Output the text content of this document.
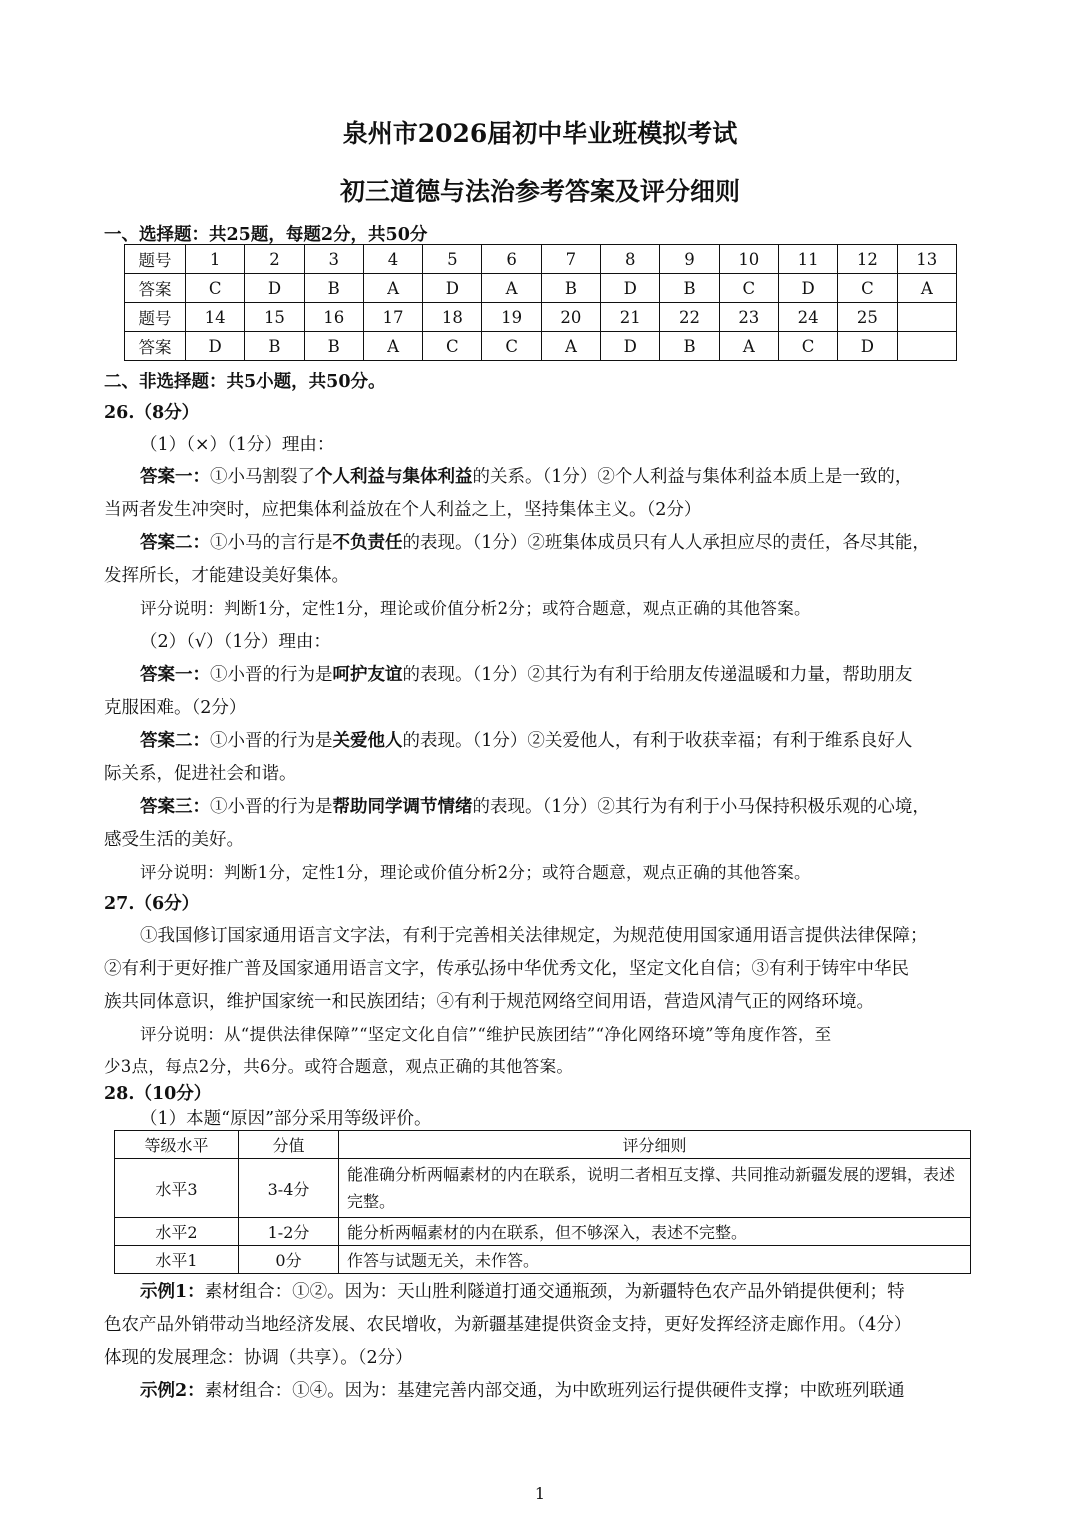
泉州市2026届初中毕业班模拟考试
初三道德与法治参考答案及评分细则
一、选择题：共25题，每题2分，共50分
题号	1	2	3	4	5	6	7	8	9	10	11	12	13
答案	C	D	B	A	D	A	B	D	B	C	D	C	A
题号	14	15	16	17	18	19	20	21	22	23	24	25	
答案	D	B	B	A	C	C	A	D	B	A	C	D	
二、非选择题：共5小题，共50分。
26.（8分）
（1）（×）（1分）理由：
答案一：①小马割裂了个人利益与集体利益的关系。（1分）②个人利益与集体利益本质上是一致的，
当两者发生冲突时，应把集体利益放在个人利益之上，坚持集体主义。（2分）
答案二：①小马的言行是不负责任的表现。（1分）②班集体成员只有人人承担应尽的责任，各尽其能，
发挥所长，才能建设美好集体。
评分说明：判断1分，定性1分，理论或价值分析2分；或符合题意，观点正确的其他答案。
（2）（√）（1分）理由：
答案一：①小晋的行为是呵护友谊的表现。（1分）②其行为有利于给朋友传递温暖和力量，帮助朋友
克服困难。（2分）
答案二：①小晋的行为是关爱他人的表现。（1分）②关爱他人，有利于收获幸福；有利于维系良好人
际关系，促进社会和谐。
答案三：①小晋的行为是帮助同学调节情绪的表现。（1分）②其行为有利于小马保持积极乐观的心境，
感受生活的美好。
评分说明：判断1分，定性1分，理论或价值分析2分；或符合题意，观点正确的其他答案。
27.（6分）
①我国修订国家通用语言文字法，有利于完善相关法律规定，为规范使用国家通用语言提供法律保障；
②有利于更好推广普及国家通用语言文字，传承弘扬中华优秀文化，坚定文化自信；③有利于铸牢中华民
族共同体意识，维护国家统一和民族团结；④有利于规范网络空间用语，营造风清气正的网络环境。
评分说明：从“提供法律保障”“坚定文化自信”“维护民族团结”“净化网络环境”等角度作答，至
少3点，每点2分，共6分。或符合题意，观点正确的其他答案。
28.（10分）
（1）本题“原因”部分采用等级评价。
等级水平	分值	评分细则
水平3	3-4分	能准确分析两幅素材的内在联系，说明二者相互支撑、共同推动新疆发展的逻辑，表述完整。
水平2	1-2分	能分析两幅素材的内在联系，但不够深入，表述不完整。
水平1	0分	作答与试题无关，未作答。
示例1：素材组合：①②。因为：天山胜利隧道打通交通瓶颈，为新疆特色农产品外销提供便利；特
色农产品外销带动当地经济发展、农民增收，为新疆基建提供资金支持，更好发挥经济走廊作用。（4分）
体现的发展理念：协调（共享）。（2分）
示例2：素材组合：①④。因为：基建完善内部交通，为中欧班列运行提供硬件支撑；中欧班列联通
1
